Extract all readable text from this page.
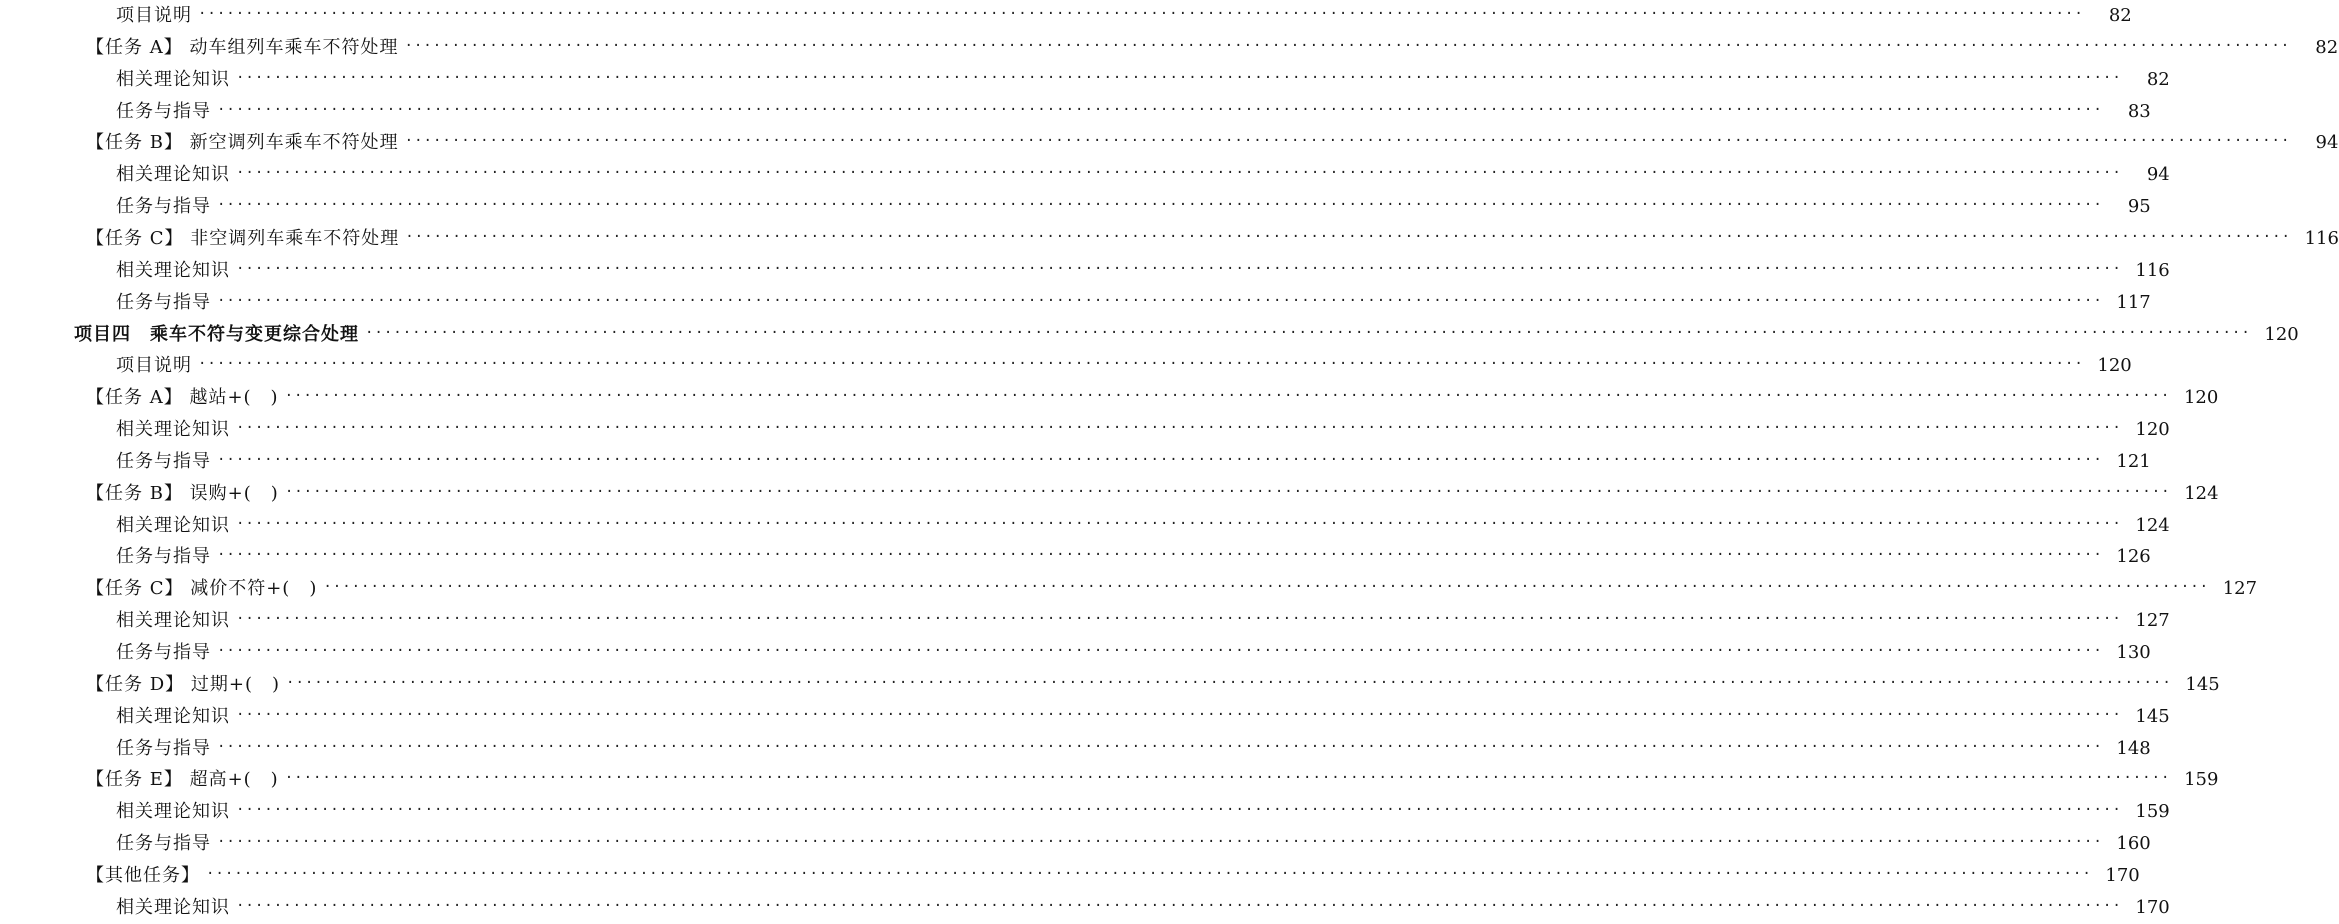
项目说明 ········································································································································································································	82
【任务 A】 动车组列车乘车不符处理 ········································································································································································································	82
相关理论知识 ········································································································································································································	82
任务与指导 ········································································································································································································	83
【任务 B】 新空调列车乘车不符处理 ········································································································································································································	94
相关理论知识 ········································································································································································································	94
任务与指导 ········································································································································································································	95
【任务 C】 非空调列车乘车不符处理 ········································································································································································································ 116
相关理论知识 ········································································································································································································ 116
任务与指导 ········································································································································································································ 117
项目四　乘车不符与变更综合处理 ········································································································································································································ 120
项目说明 ········································································································································································································ 120
【任务 A】 越站+(　) ········································································································································································································ 120
相关理论知识 ········································································································································································································ 120
任务与指导 ········································································································································································································ 121
【任务 B】 误购+(　) ········································································································································································································ 124
相关理论知识 ········································································································································································································ 124
任务与指导 ········································································································································································································ 126
【任务 C】 减价不符+(　) ········································································································································································································ 127
相关理论知识 ········································································································································································································ 127
任务与指导 ········································································································································································································ 130
【任务 D】 过期+(　) ········································································································································································································ 145
相关理论知识 ········································································································································································································ 145
任务与指导 ········································································································································································································ 148
【任务 E】 超高+(　) ········································································································································································································ 159
相关理论知识 ········································································································································································································ 159
任务与指导 ········································································································································································································ 160
【其他任务】 ········································································································································································································ 170
相关理论知识 ········································································································································································································ 170
